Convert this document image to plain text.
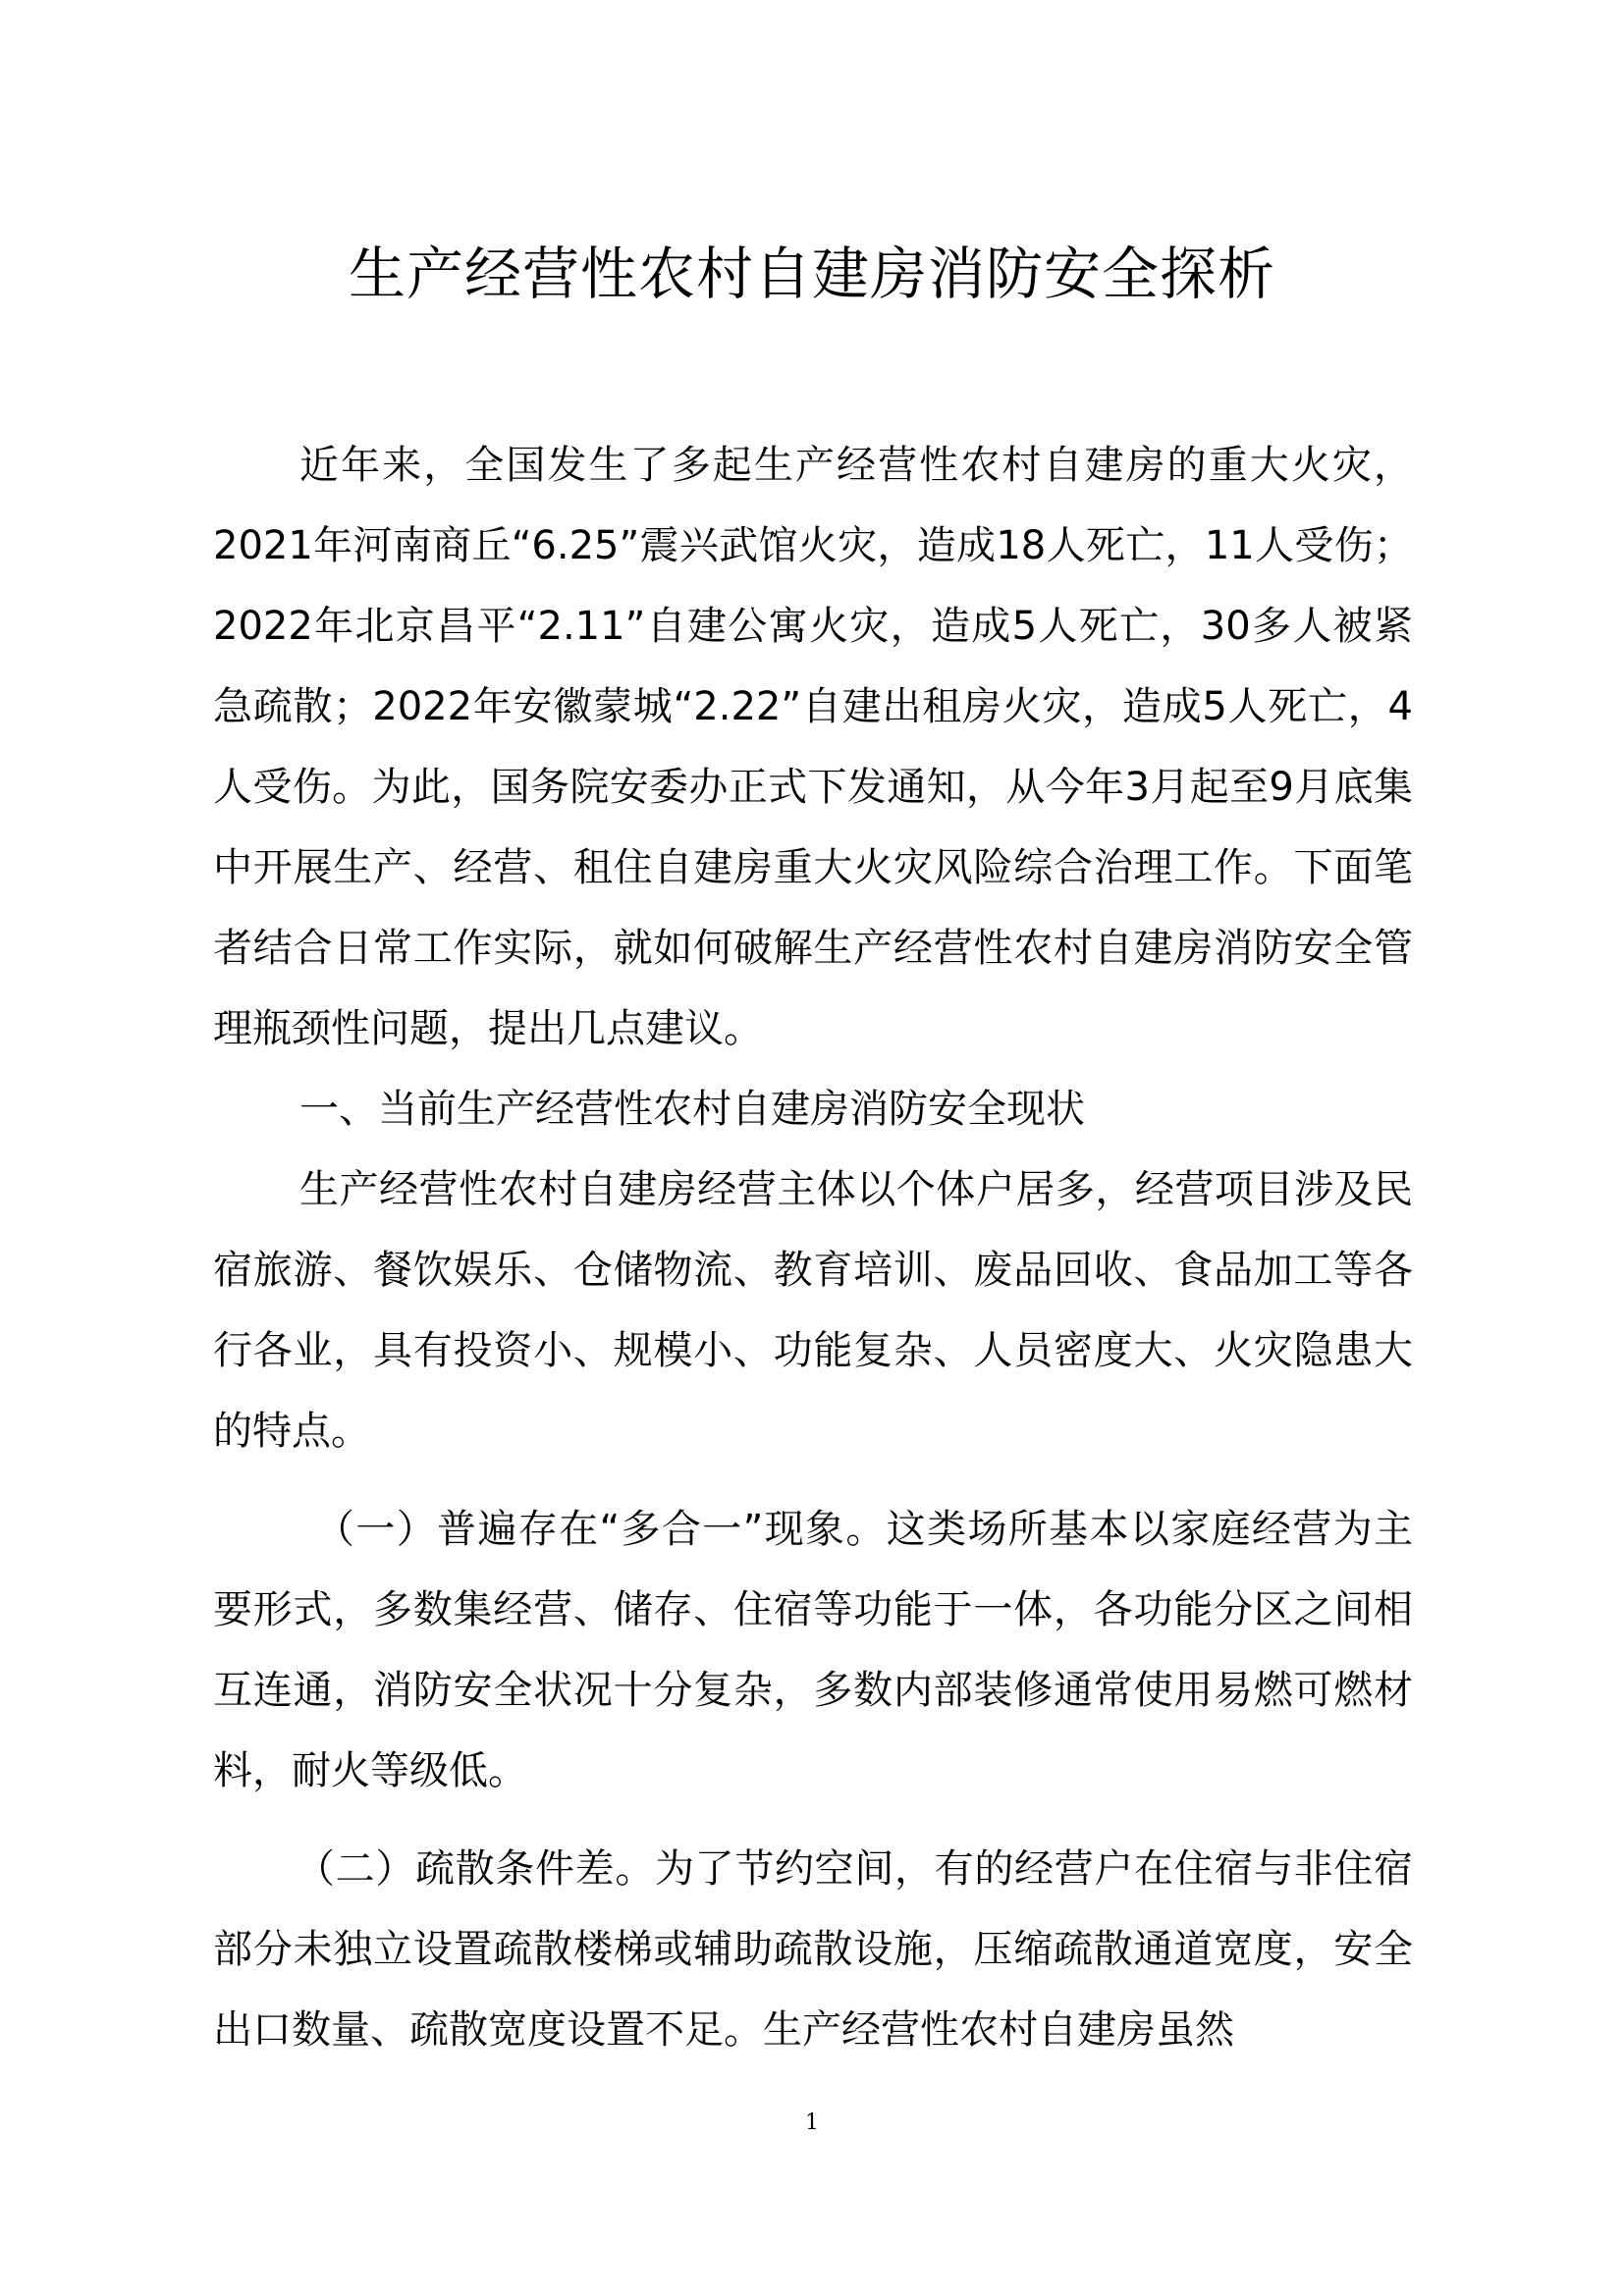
生产经营性农村自建房消防安全探析

近年来，全国发生了多起生产经营性农村自建房的重大火灾，2021年河南商丘“6.25”震兴武馆火灾，造成18人死亡，11人受伤；2022年北京昌平“2.11”自建公寓火灾，造成5人死亡，30多人被紧急疏散；2022年安徽蒙城“2.22”自建出租房火灾，造成5人死亡，4人受伤。为此，国务院安委办正式下发通知，从今年3月起至9月底集中开展生产、经营、租住自建房重大火灾风险综合治理工作。下面笔者结合日常工作实际，就如何破解生产经营性农村自建房消防安全管理瓶颈性问题，提出几点建议。

一、当前生产经营性农村自建房消防安全现状

生产经营性农村自建房经营主体以个体户居多，经营项目涉及民宿旅游、餐饮娱乐、仓储物流、教育培训、废品回收、食品加工等各行各业，具有投资小、规模小、功能复杂、人员密度大、火灾隐患大的特点。

（一）普遍存在“多合一”现象。这类场所基本以家庭经营为主要形式，多数集经营、储存、住宿等功能于一体，各功能分区之间相互连通，消防安全状况十分复杂，多数内部装修通常使用易燃可燃材料，耐火等级低。

（二）疏散条件差。为了节约空间，有的经营户在住宿与非住宿部分未独立设置疏散楼梯或辅助疏散设施，压缩疏散通道宽度，安全出口数量、疏散宽度设置不足。生产经营性农村自建房虽然

1
